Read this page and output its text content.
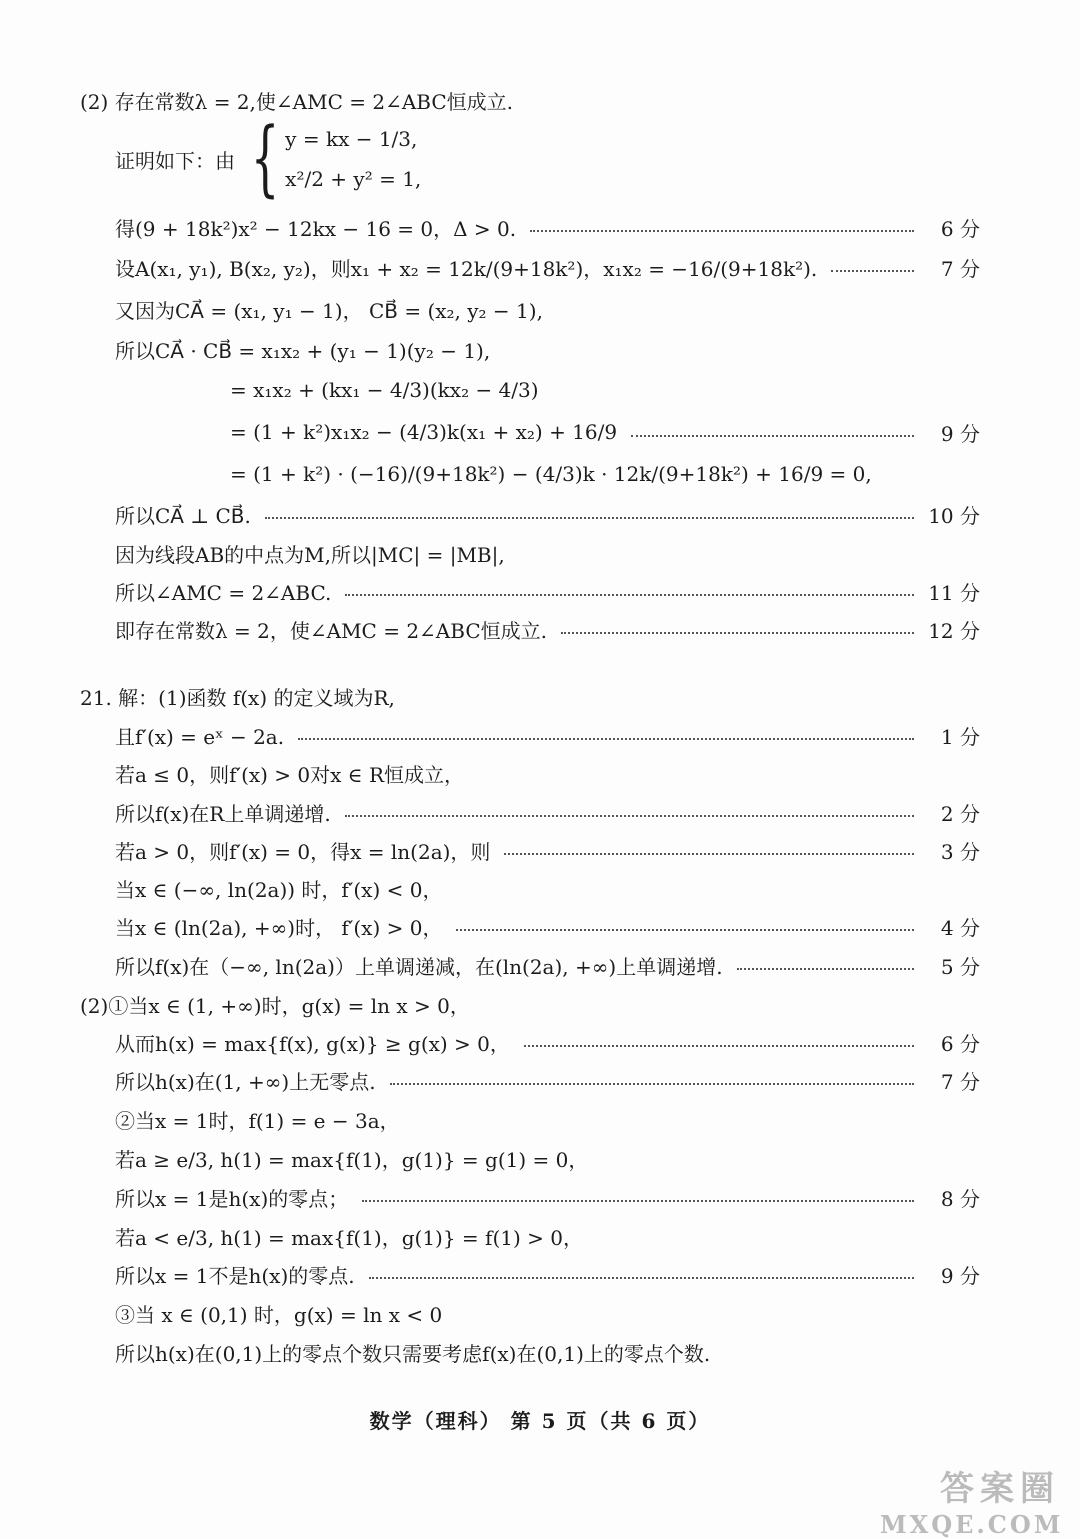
(2) 存在常数λ = 2,使∠AMC = 2∠ABC恒成立.
证明如下：由 { y = kx − 1/3,
x²/2 + y² = 1,
得(9 + 18k²)x² − 12kx − 16 = 0，Δ > 0.	6 分
设A(x₁, y₁), B(x₂, y₂)，则x₁ + x₂ = 12k/(9+18k²)，x₁x₂ = −16/(9+18k²).	7 分
又因为CA⃗ = (x₁, y₁ − 1)， CB⃗ = (x₂, y₂ − 1),
所以CA⃗ · CB⃗ = x₁x₂ + (y₁ − 1)(y₂ − 1),
= x₁x₂ + (kx₁ − 4/3)(kx₂ − 4/3)
= (1 + k²)x₁x₂ − (4/3)k(x₁ + x₂) + 16/9	9 分
= (1 + k²) · (−16)/(9+18k²) − (4/3)k · 12k/(9+18k²) + 16/9 = 0,
所以CA⃗ ⊥ CB⃗.	10 分
因为线段AB的中点为M,所以|MC| = |MB|,
所以∠AMC = 2∠ABC.	11 分
即存在常数λ = 2，使∠AMC = 2∠ABC恒成立.	12 分
21. 解：(1)函数 f(x) 的定义域为R,
且f′(x) = eˣ − 2a.	1 分
若a ≤ 0，则f′(x) > 0对x ∈ R恒成立，
所以f(x)在R上单调递增.	2 分
若a > 0，则f′(x) = 0，得x = ln(2a)，则	3 分
当x ∈ (−∞, ln(2a)) 时，f′(x) < 0，
当x ∈ (ln(2a), +∞)时， f′(x) > 0，	4 分
所以f(x)在（−∞, ln(2a)）上单调递减，在(ln(2a), +∞)上单调递增.	5 分
(2)①当x ∈ (1, +∞)时，g(x) = ln x > 0，
从而h(x) = max{f(x), g(x)} ≥ g(x) > 0，	6 分
所以h(x)在(1, +∞)上无零点.	7 分
②当x = 1时，f(1) = e − 3a，
若a ≥ e/3, h(1) = max{f(1)，g(1)} = g(1) = 0，
所以x = 1是h(x)的零点；	8 分
若a < e/3, h(1) = max{f(1)，g(1)} = f(1) > 0，
所以x = 1不是h(x)的零点.	9 分
③当 x ∈ (0,1) 时，g(x) = ln x < 0
所以h(x)在(0,1)上的零点个数只需要考虑f(x)在(0,1)上的零点个数.
数学（理科） 第 5 页（共 6 页）
答案圈
MXQE.COM
